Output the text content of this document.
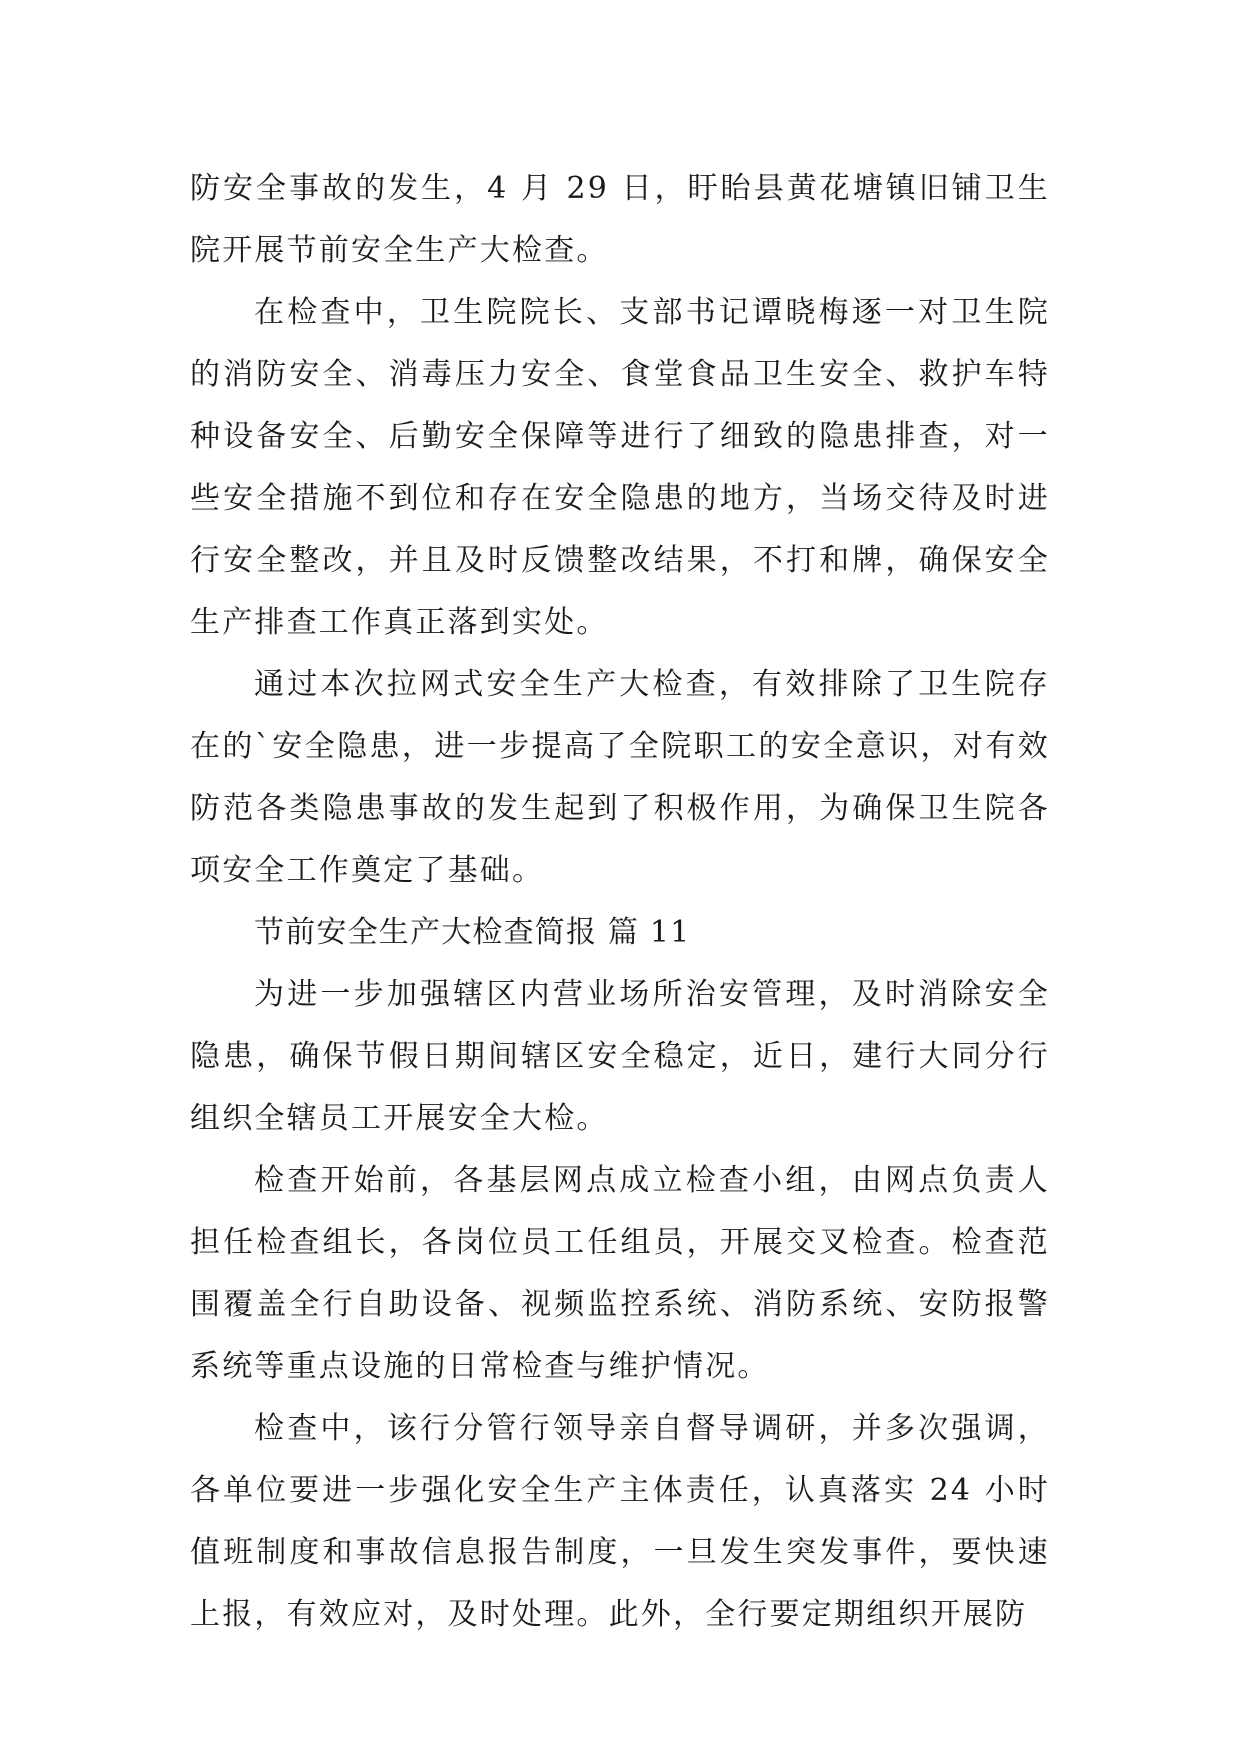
防安全事故的发生，4 月 29 日，盱眙县黄花塘镇旧铺卫生院开展节前安全生产大检查。

在检查中，卫生院院长、支部书记谭晓梅逐一对卫生院的消防安全、消毒压力安全、食堂食品卫生安全、救护车特种设备安全、后勤安全保障等进行了细致的隐患排查，对一些安全措施不到位和存在安全隐患的地方，当场交待及时进行安全整改，并且及时反馈整改结果，不打和牌，确保安全生产排查工作真正落到实处。

通过本次拉网式安全生产大检查，有效排除了卫生院存在的`安全隐患，进一步提高了全院职工的安全意识，对有效防范各类隐患事故的发生起到了积极作用，为确保卫生院各项安全工作奠定了基础。

节前安全生产大检查简报 篇 11

为进一步加强辖区内营业场所治安管理，及时消除安全隐患，确保节假日期间辖区安全稳定，近日，建行大同分行组织全辖员工开展安全大检。

检查开始前，各基层网点成立检查小组，由网点负责人担任检查组长，各岗位员工任组员，开展交叉检查。检查范围覆盖全行自助设备、视频监控系统、消防系统、安防报警系统等重点设施的日常检查与维护情况。

检查中，该行分管行领导亲自督导调研，并多次强调，各单位要进一步强化安全生产主体责任，认真落实 24 小时值班制度和事故信息报告制度，一旦发生突发事件，要快速上报，有效应对，及时处理。此外，全行要定期组织开展防
